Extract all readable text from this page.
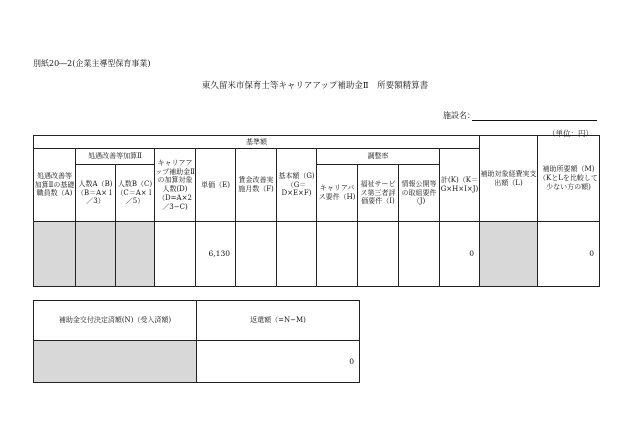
別紙20―2(企業主導型保育事業)
東久留米市保育士等キャリアアップ補助金Ⅱ　所要額精算書
施設名：
（単位：円）
基準額											補助対象経費実支出額（L)	補助所要額（M)（KとLを比較して少ない方の額)
処遇改善等加算Ⅱの基礎職員数（A)	処遇改善等加算Ⅱ		キャリアアップ補助金Ⅱの加算対象人数(D)（D=A×2／3−C)	単価（E)	賃金改善実施月数（F)	基本額（G)（G＝D×E×F)	調整率			計(K)（K＝G×H×I×J)		
	人数A（B)（B＝A×１／3）	人数B（C)（C＝A×１／5）					キャリアパス要件（H)	福祉サービス第三者評価要件（I)	情報公開等の取組要件（J)			
				6,130						0		0
補助金交付決定済額(N)（受入済額)	返還額（=N−M)
	0
